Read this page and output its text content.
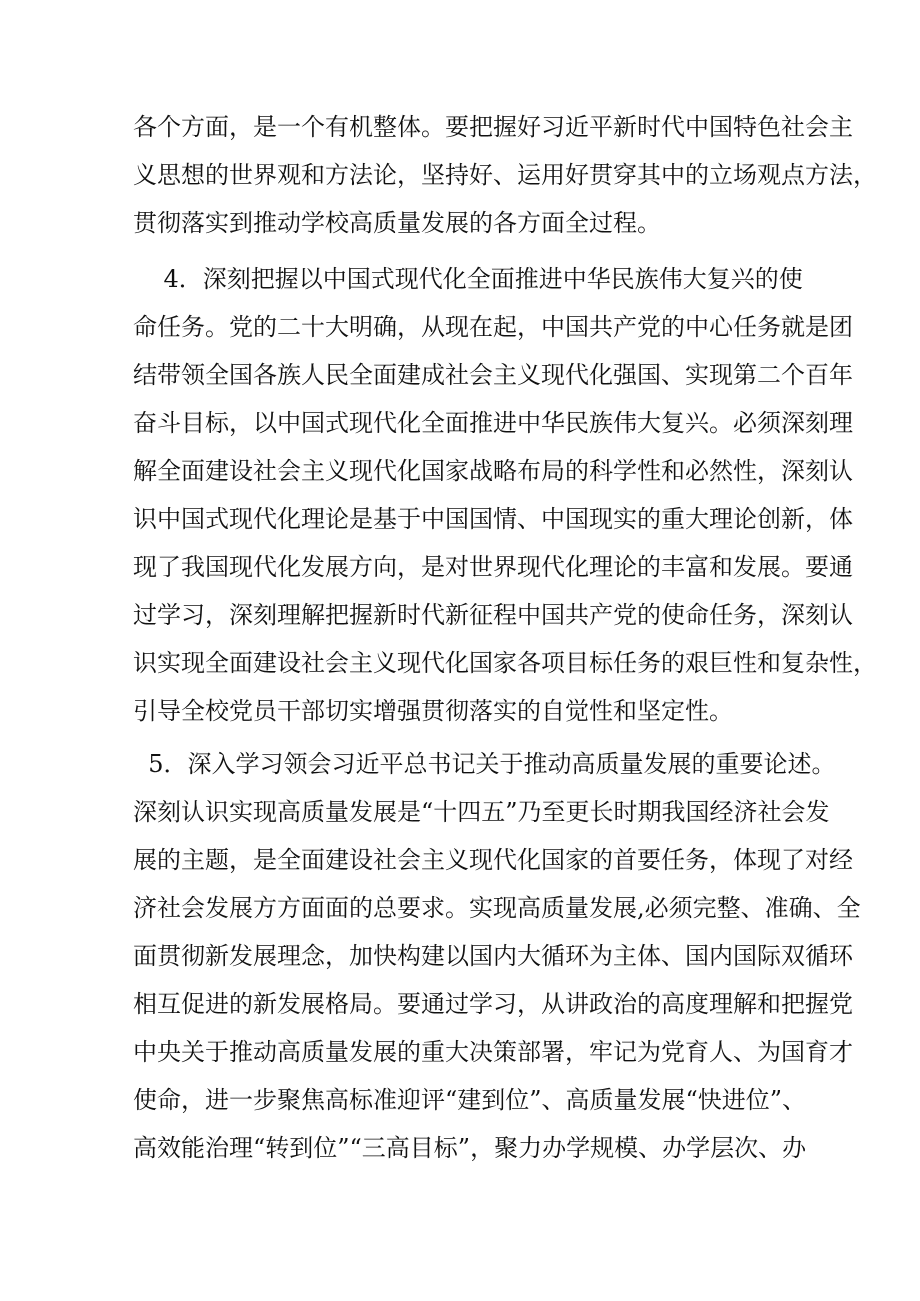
各个方面，是一个有机整体。要把握好习近平新时代中国特色社会主
义思想的世界观和方法论，坚持好、运用好贯穿其中的立场观点方法，
贯彻落实到推动学校高质量发展的各方面全过程。
4．深刻把握以中国式现代化全面推进中华民族伟大复兴的使
命任务。党的二十大明确，从现在起，中国共产党的中心任务就是团
结带领全国各族人民全面建成社会主义现代化强国、实现第二个百年
奋斗目标，以中国式现代化全面推进中华民族伟大复兴。必须深刻理
解全面建设社会主义现代化国家战略布局的科学性和必然性，深刻认
识中国式现代化理论是基于中国国情、中国现实的重大理论创新，体
现了我国现代化发展方向，是对世界现代化理论的丰富和发展。要通
过学习，深刻理解把握新时代新征程中国共产党的使命任务，深刻认
识实现全面建设社会主义现代化国家各项目标任务的艰巨性和复杂性，
引导全校党员干部切实增强贯彻落实的自觉性和坚定性。
5．深入学习领会习近平总书记关于推动高质量发展的重要论述。
深刻认识实现高质量发展是“十四五”乃至更长时期我国经济社会发
展的主题，是全面建设社会主义现代化国家的首要任务，体现了对经
济社会发展方方面面的总要求。实现高质量发展,必须完整、准确、全
面贯彻新发展理念，加快构建以国内大循环为主体、国内国际双循环
相互促进的新发展格局。要通过学习，从讲政治的高度理解和把握党
中央关于推动高质量发展的重大决策部署，牢记为党育人、为国育才
使命，进一步聚焦高标准迎评“建到位”、高质量发展“快进位”、
高效能治理“转到位”“三高目标”，聚力办学规模、办学层次、办
